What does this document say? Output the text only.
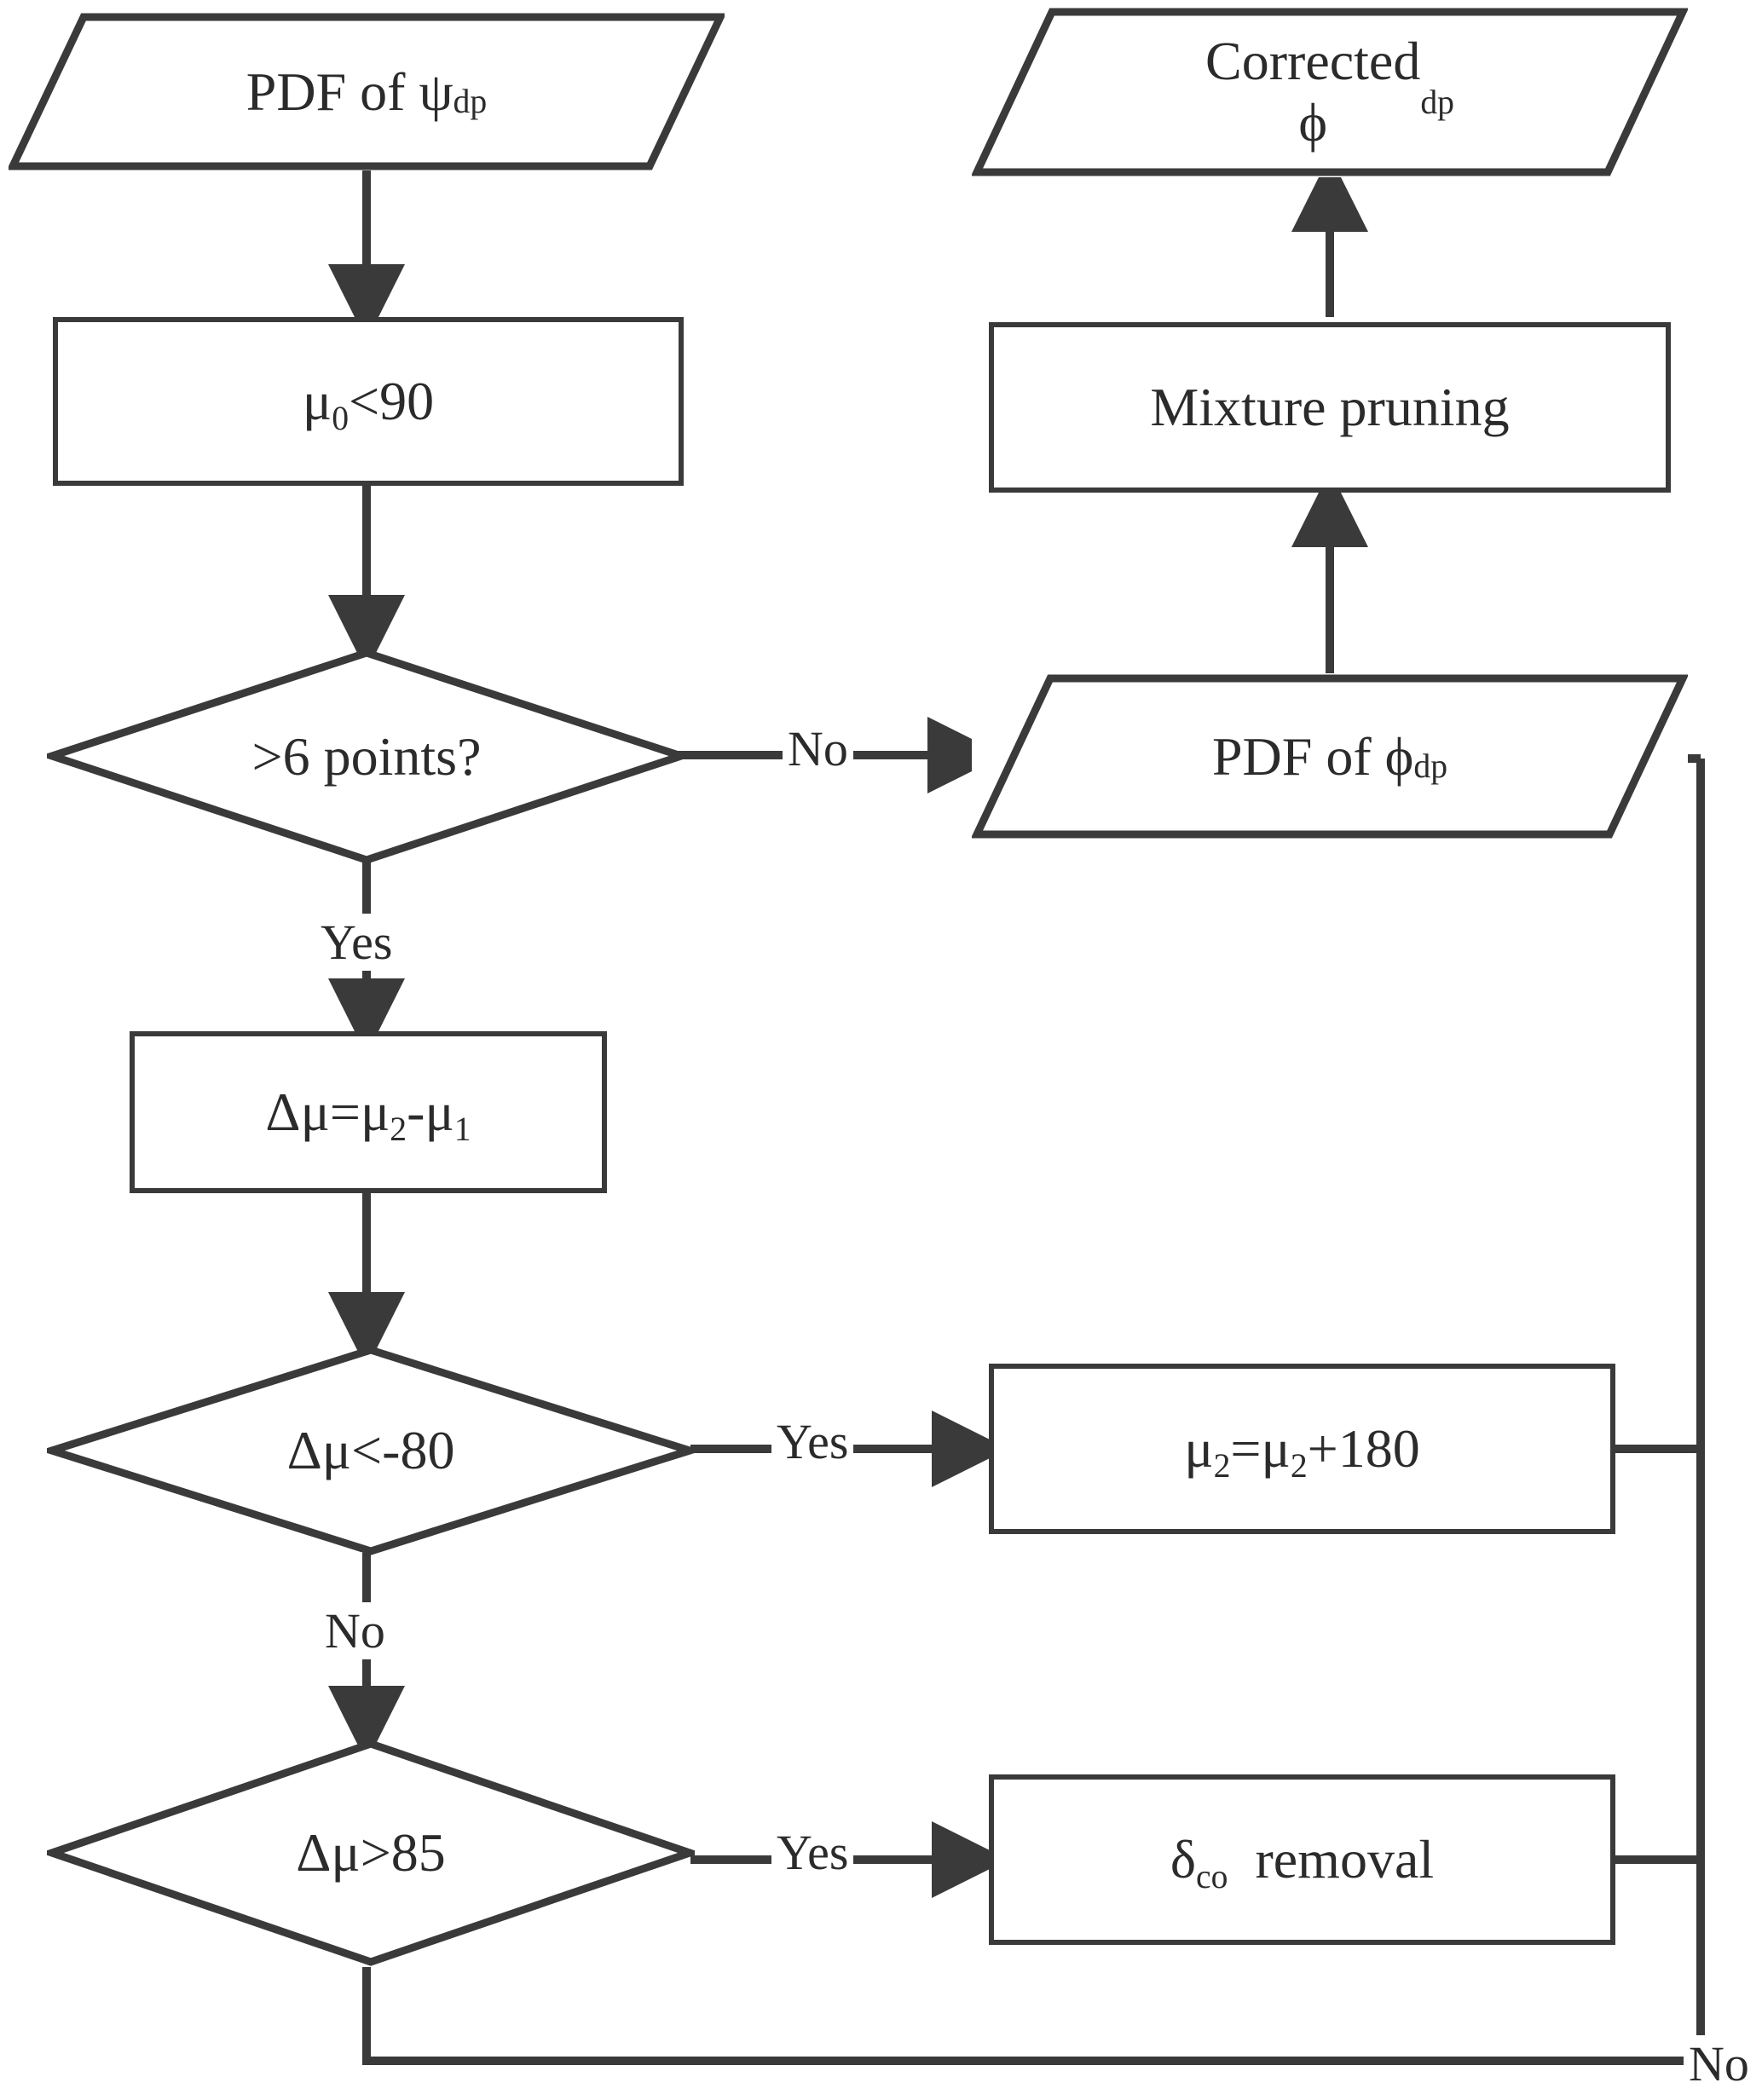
PDF of $\psi_{dp}$
$\mu_0<90$
>6 points?
$\Delta\mu=\mu_2-\mu_1$
Δμ<-80
Δμ>85
$\mu_2=\mu_2+180$
$\delta_{co}$  removal
PDF of $\phi_{dp}$
Mixture pruning
Corrected
ϕ	$_{dp}$
No
Yes
Yes
No
Yes
No
